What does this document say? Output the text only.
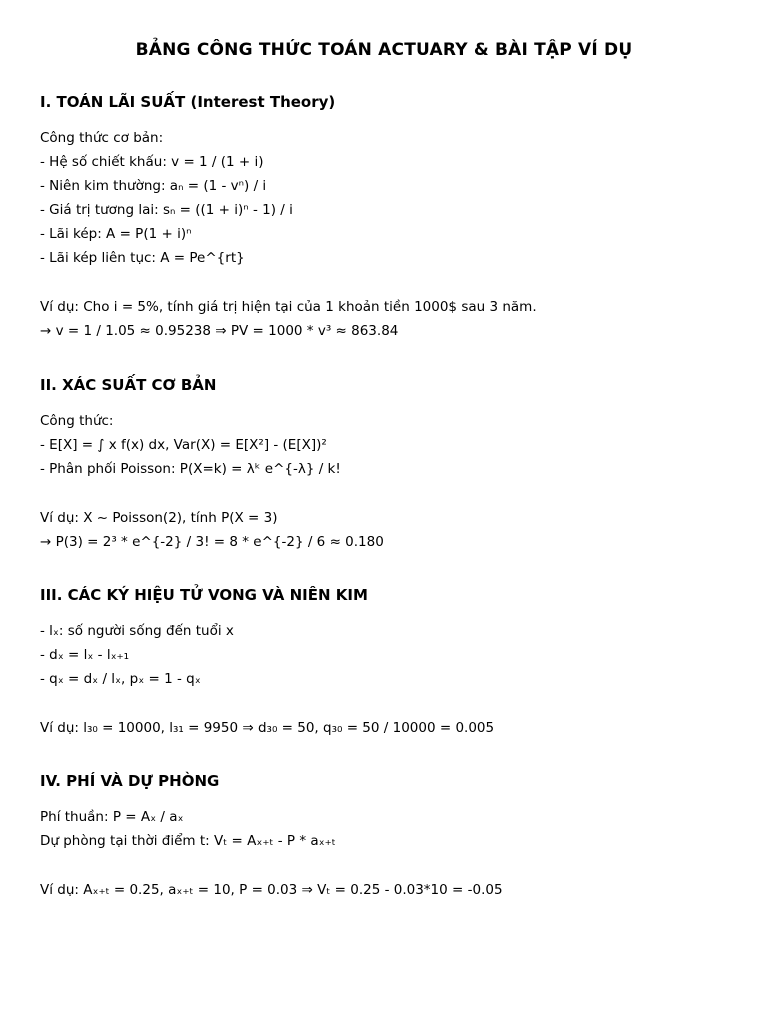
BẢNG CÔNG THỨC TOÁN ACTUARY & BÀI TẬP VÍ DỤ
I. TOÁN LÃI SUẤT (Interest Theory)
Công thức cơ bản:
- Hệ số chiết khấu: v = 1 / (1 + i)
- Niên kim thường: aₙ = (1 - vⁿ) / i
- Giá trị tương lai: sₙ = ((1 + i)ⁿ - 1) / i
- Lãi kép: A = P(1 + i)ⁿ
- Lãi kép liên tục: A = Pe^{rt}
Ví dụ: Cho i = 5%, tính giá trị hiện tại của 1 khoản tiền 1000$ sau 3 năm.
→ v = 1 / 1.05 ≈ 0.95238 ⇒ PV = 1000 * v³ ≈ 863.84
II. XÁC SUẤT CƠ BẢN
Công thức:
- E[X] = ∫ x f(x) dx, Var(X) = E[X²] - (E[X])²
- Phân phối Poisson: P(X=k) = λᵏ e^{-λ} / k!
Ví dụ: X ~ Poisson(2), tính P(X = 3)
→ P(3) = 2³ * e^{-2} / 3! = 8 * e^{-2} / 6 ≈ 0.180
III. CÁC KÝ HIỆU TỬ VONG VÀ NIÊN KIM
- lₓ: số người sống đến tuổi x
- dₓ = lₓ - lₓ₊₁
- qₓ = dₓ / lₓ, pₓ = 1 - qₓ
Ví dụ: l₃₀ = 10000, l₃₁ = 9950 ⇒ d₃₀ = 50, q₃₀ = 50 / 10000 = 0.005
IV. PHÍ VÀ DỰ PHÒNG
Phí thuần: P = Aₓ / aₓ
Dự phòng tại thời điểm t: Vₜ = Aₓ₊ₜ - P * aₓ₊ₜ
Ví dụ: Aₓ₊ₜ = 0.25, aₓ₊ₜ = 10, P = 0.03 ⇒ Vₜ = 0.25 - 0.03*10 = -0.05
